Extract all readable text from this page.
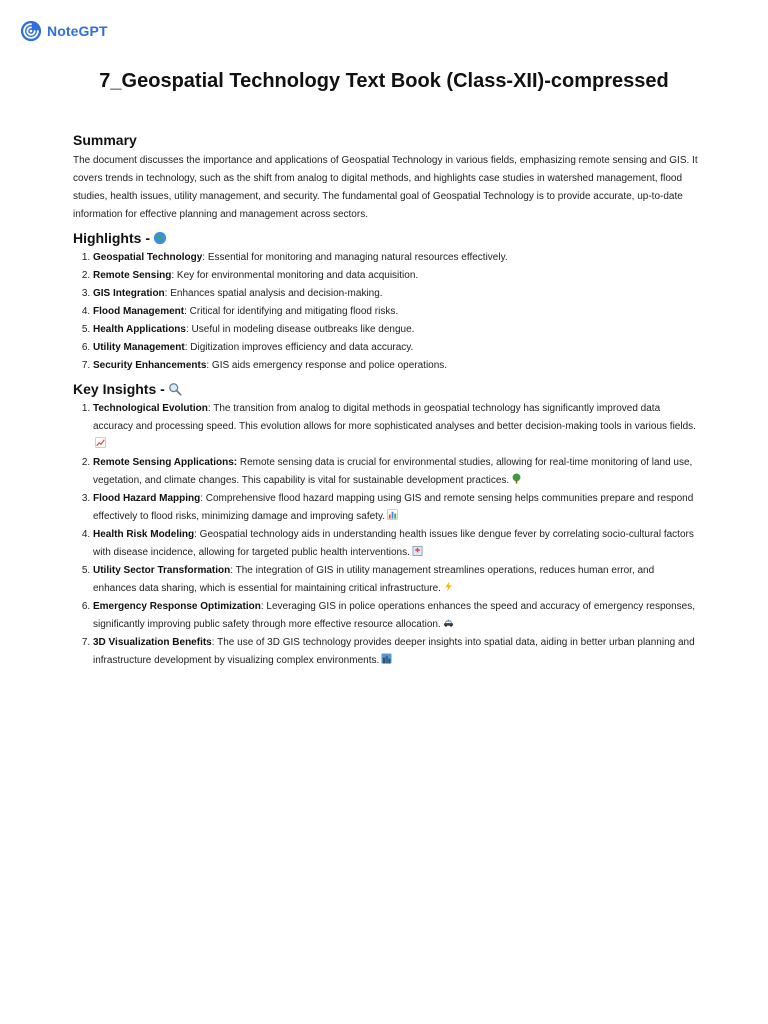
NoteGPT
7_Geospatial Technology Text Book (Class-XII)-compressed
Summary

The document discusses the importance and applications of Geospatial Technology in various fields, emphasizing remote sensing and GIS. It covers trends in technology, such as the shift from analog to digital methods, and highlights case studies in watershed management, flood studies, health issues, utility management, and security. The fundamental goal of Geospatial Technology is to provide accurate, up-to-date information for effective planning and management across sectors.

Highlights -
1. Geospatial Technology: Essential for monitoring and managing natural resources effectively.
2. Remote Sensing: Key for environmental monitoring and data acquisition.
3. GIS Integration: Enhances spatial analysis and decision-making.
4. Flood Management: Critical for identifying and mitigating flood risks.
5. Health Applications: Useful in modeling disease outbreaks like dengue.
6. Utility Management: Digitization improves efficiency and data accuracy.
7. Security Enhancements: GIS aids emergency response and police operations.
Key Insights -
1. Technological Evolution: The transition from analog to digital methods in geospatial technology has significantly improved data accuracy and processing speed. This evolution allows for more sophisticated analyses and better decision-making tools in various fields.
2. Remote Sensing Applications: Remote sensing data is crucial for environmental studies, allowing for real-time monitoring of land use, vegetation, and climate changes. This capability is vital for sustainable development practices.
3. Flood Hazard Mapping: Comprehensive flood hazard mapping using GIS and remote sensing helps communities prepare and respond effectively to flood risks, minimizing damage and improving safety.
4. Health Risk Modeling: Geospatial technology aids in understanding health issues like dengue fever by correlating socio-cultural factors with disease incidence, allowing for targeted public health interventions.
5. Utility Sector Transformation: The integration of GIS in utility management streamlines operations, reduces human error, and enhances data sharing, which is essential for maintaining critical infrastructure.
6. Emergency Response Optimization: Leveraging GIS in police operations enhances the speed and accuracy of emergency responses, significantly improving public safety through more effective resource allocation.
7. 3D Visualization Benefits: The use of 3D GIS technology provides deeper insights into spatial data, aiding in better urban planning and infrastructure development by visualizing complex environments.
